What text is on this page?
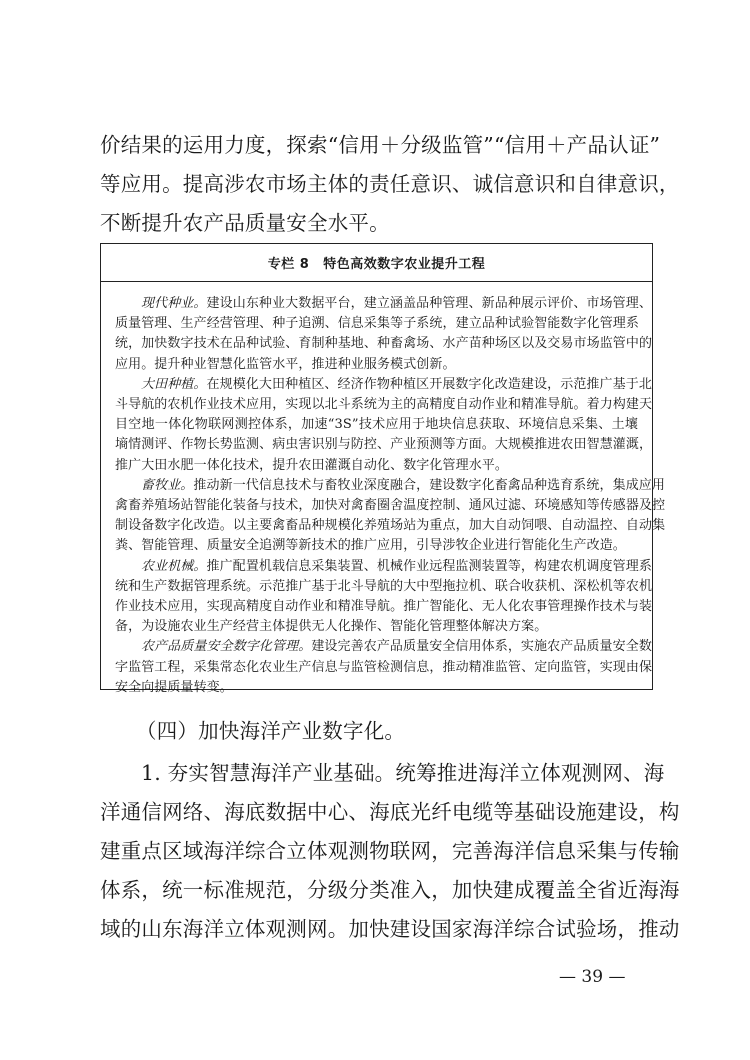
价结果的运用力度，探索“信用＋分级监管”“信用＋产品认证”
等应用。提高涉农市场主体的责任意识、诚信意识和自律意识，
不断提升农产品质量安全水平。
专栏 8 特色高效数字农业提升工程
现代种业。建设山东种业大数据平台，建立涵盖品种管理、新品种展示评价、市场管理、
质量管理、生产经营管理、种子追溯、信息采集等子系统，建立品种试验智能数字化管理系
统，加快数字技术在品种试验、育制种基地、种畜禽场、水产苗种场区以及交易市场监管中的
应用。提升种业智慧化监管水平，推进种业服务模式创新。
大田种植。在规模化大田种植区、经济作物种植区开展数字化改造建设，示范推广基于北
斗导航的农机作业技术应用，实现以北斗系统为主的高精度自动作业和精准导航。着力构建天
目空地一体化物联网测控体系，加速“3S”技术应用于地块信息获取、环境信息采集、土壤
墒情测评、作物长势监测、病虫害识别与防控、产业预测等方面。大规模推进农田智慧灌溉，
推广大田水肥一体化技术，提升农田灌溉自动化、数字化管理水平。
畜牧业。推动新一代信息技术与畜牧业深度融合，建设数字化畜禽品种选育系统，集成应用
禽畜养殖场站智能化装备与技术，加快对禽畜圈舍温度控制、通风过滤、环境感知等传感器及控
制设备数字化改造。以主要禽畜品种规模化养殖场站为重点，加大自动饲喂、自动温控、自动集
粪、智能管理、质量安全追溯等新技术的推广应用，引导涉牧企业进行智能化生产改造。
农业机械。推广配置机载信息采集装置、机械作业远程监测装置等，构建农机调度管理系
统和生产数据管理系统。示范推广基于北斗导航的大中型拖拉机、联合收获机、深松机等农机
作业技术应用，实现高精度自动作业和精准导航。推广智能化、无人化农事管理操作技术与装
备，为设施农业生产经营主体提供无人化操作、智能化管理整体解决方案。
农产品质量安全数字化管理。建设完善农产品质量安全信用体系，实施农产品质量安全数
字监管工程，采集常态化农业生产信息与监管检测信息，推动精准监管、定向监管，实现由保
安全向提质量转变。
（四）加快海洋产业数字化。
1. 夯实智慧海洋产业基础。统筹推进海洋立体观测网、海
洋通信网络、海底数据中心、海底光纤电缆等基础设施建设，构
建重点区域海洋综合立体观测物联网，完善海洋信息采集与传输
体系，统一标准规范，分级分类准入，加快建成覆盖全省近海海
域的山东海洋立体观测网。加快建设国家海洋综合试验场，推动
— 39 —
